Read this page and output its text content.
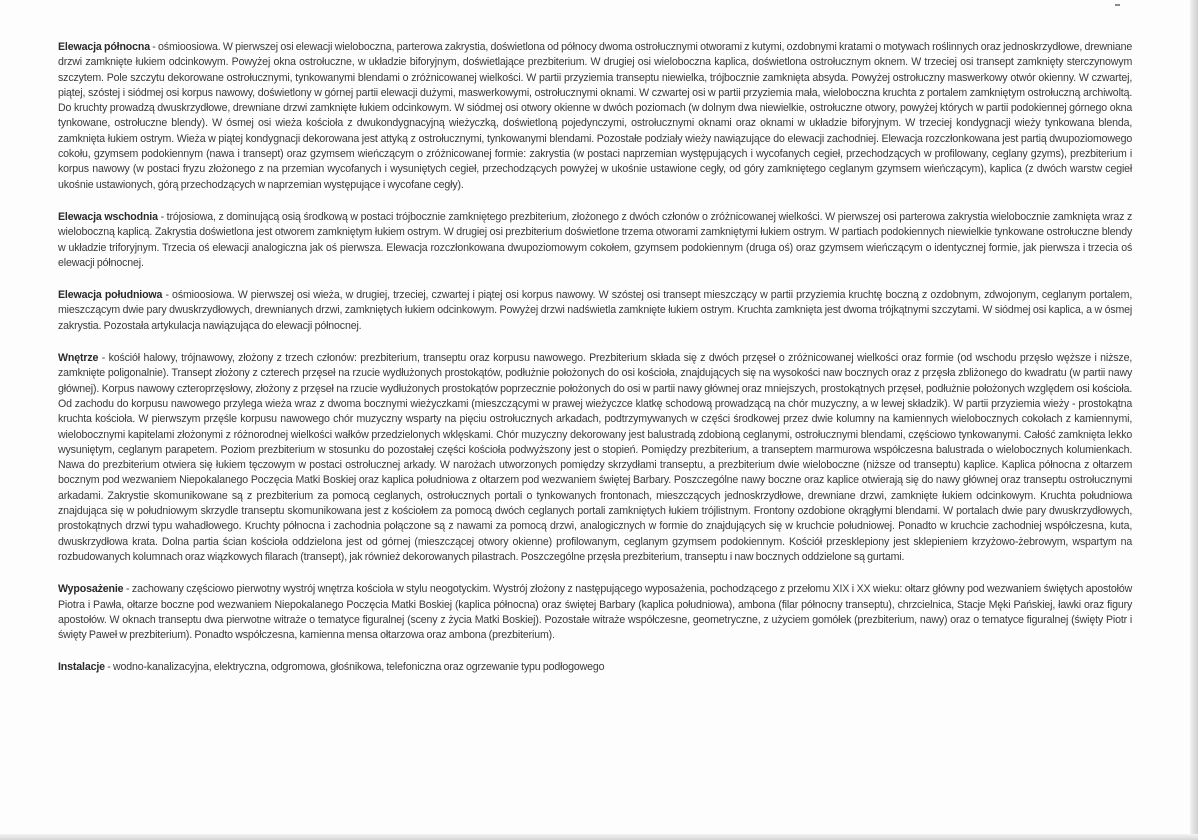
Elewacja północna - ośmioosiowa. W pierwszej osi elewacji wieloboczna, parterowa zakrystia, doświetlona od północy dwoma ostrołucznymi otworami z kutymi, ozdobnymi kratami o motywach roślinnych oraz jednoskrzydłowe, drewniane drzwi zamknięte łukiem odcinkowym. Powyżej okna ostrołuczne, w układzie biforyjnym, doświetlające prezbiterium. W drugiej osi wieloboczna kaplica, doświetlona ostrołucznym oknem. W trzeciej osi transept zamknięty sterczynowym szczytem. Pole szczytu dekorowane ostrołucznymi, tynkowanymi blendami o zróżnicowanej wielkości. W partii przyziemia transeptu niewielka, trójbocznie zamknięta absyda. Powyżej ostrołuczny maswerkowy otwór okienny. W czwartej, piątej, szóstej i siódmej osi korpus nawowy, doświetlony w górnej partii elewacji dużymi, maswerkowymi, ostrołucznymi oknami. W czwartej osi w partii przyziemia mała, wieloboczna kruchta z portalem zamkniętym ostrołuczną archiwoltą. Do kruchty prowadzą dwuskrzydłowe, drewniane drzwi zamknięte łukiem odcinkowym. W siódmej osi otwory okienne w dwóch poziomach (w dolnym dwa niewielkie, ostrołuczne otwory, powyżej których w partii podokiennej górnego okna tynkowane, ostrołuczne blendy). W ósmej osi wieża kościoła z dwukondygnacyjną wieżyczką, doświetloną pojedynczymi, ostrołucznymi oknami oraz oknami w układzie biforyjnym. W trzeciej kondygnacji wieży tynkowana blenda, zamknięta łukiem ostrym. Wieża w piątej kondygnacji dekorowana jest attyką z ostrołucznymi, tynkowanymi blendami. Pozostałe podziały wieży nawiązujące do elewacji zachodniej. Elewacja rozczłonkowana jest partią dwupoziomowego cokołu, gzymsem podokiennym (nawa i transept) oraz gzymsem wieńczącym o zróżnicowanej formie: zakrystia (w postaci naprzemian występujących i wycofanych cegieł, przechodzących w profilowany, ceglany gzyms), prezbiterium i korpus nawowy (w postaci fryzu złożonego z na przemian wycofanych i wysuniętych cegieł, przechodzących powyżej w ukośnie ustawione cegły, od góry zamkniętego ceglanym gzymsem wieńczącym), kaplica (z dwóch warstw cegieł ukośnie ustawionych, górą przechodzących w naprzemian występujące i wycofane cegły).

Elewacja wschodnia - trójosiowa, z dominującą osią środkową w postaci trójbocznie zamkniętego prezbiterium, złożonego z dwóch członów o zróżnicowanej wielkości. W pierwszej osi parterowa zakrystia wielobocznie zamknięta wraz z wieloboczną kaplicą. Zakrystia doświetlona jest otworem zamkniętym łukiem ostrym. W drugiej osi prezbiterium doświetlone trzema otworami zamkniętymi łukiem ostrym. W partiach podokiennych niewielkie tynkowane ostrołuczne blendy w układzie triforyjnym. Trzecia oś elewacji analogiczna jak oś pierwsza. Elewacja rozczłonkowana dwupoziomowym cokołem, gzymsem podokiennym (druga oś) oraz gzymsem wieńczącym o identycznej formie, jak pierwsza i trzecia oś elewacji północnej.

Elewacja południowa - ośmioosiowa. W pierwszej osi wieża, w drugiej, trzeciej, czwartej i piątej osi korpus nawowy. W szóstej osi transept mieszczący w partii przyziemia kruchtę boczną z ozdobnym, zdwojonym, ceglanym portalem, mieszczącym dwie pary dwuskrzydłowych, drewnianych drzwi, zamkniętych łukiem odcinkowym. Powyżej drzwi nadświetla zamknięte łukiem ostrym. Kruchta zamknięta jest dwoma trójkątnymi szczytami. W siódmej osi kaplica, a w ósmej zakrystia. Pozostała artykulacja nawiązująca do elewacji północnej.

Wnętrze - kościół halowy, trójnawowy, złożony z trzech członów: prezbiterium, transeptu oraz korpusu nawowego. Prezbiterium składa się z dwóch przęseł o zróżnicowanej wielkości oraz formie (od wschodu przęsło węższe i niższe, zamknięte poligonalnie). Transept złożony z czterech przęseł na rzucie wydłużonych prostokątów, podłużnie położonych do osi kościoła, znajdujących się na wysokości naw bocznych oraz z przęsła zbliżonego do kwadratu (w partii nawy głównej). Korpus nawowy czteroprzęsłowy, złożony z przęseł na rzucie wydłużonych prostokątów poprzecznie położonych do osi w partii nawy głównej oraz mniejszych, prostokątnych przęseł, podłużnie położonych względem osi kościoła. Od zachodu do korpusu nawowego przylega wieża wraz z dwoma bocznymi wieżyczkami (mieszczącymi w prawej wieżyczce klatkę schodową prowadzącą na chór muzyczny, a w lewej składzik). W partii przyziemia wieży - prostokątna kruchta kościoła. W pierwszym przęśle korpusu nawowego chór muzyczny wsparty na pięciu ostrołucznych arkadach, podtrzymywanych w części środkowej przez dwie kolumny na kamiennych wielobocznych cokołach z kamiennymi, wielobocznymi kapitelami złożonymi z różnorodnej wielkości wałków przedzielonych wklęskami. Chór muzyczny dekorowany jest balustradą zdobioną ceglanymi, ostrołucznymi blendami, częściowo tynkowanymi. Całość zamknięta lekko wysuniętym, ceglanym parapetem. Poziom prezbiterium w stosunku do pozostałej części kościoła podwyższony jest o stopień. Pomiędzy prezbiterium, a transeptem marmurowa współczesna balustrada o wielobocznych kolumienkach. Nawa do prezbiterium otwiera się łukiem tęczowym w postaci ostrołucznej arkady. W narożach utworzonych pomiędzy skrzydłami transeptu, a prezbiterium dwie wieloboczne (niższe od transeptu) kaplice. Kaplica północna z ołtarzem bocznym pod wezwaniem Niepokalanego Poczęcia Matki Boskiej oraz kaplica południowa z ołtarzem pod wezwaniem świętej Barbary. Poszczególne nawy boczne oraz kaplice otwierają się do nawy głównej oraz transeptu ostrołucznymi arkadami. Zakrystie skomunikowane są z prezbiterium za pomocą ceglanych, ostrołucznych portali o tynkowanych frontonach, mieszczących jednoskrzydłowe, drewniane drzwi, zamknięte łukiem odcinkowym. Kruchta południowa znajdująca się w południowym skrzydle transeptu skomunikowana jest z kościołem za pomocą dwóch ceglanych portali zamkniętych łukiem trójlistnym. Frontony ozdobione okrągłymi blendami. W portalach dwie pary dwuskrzydłowych, prostokątnych drzwi typu wahadłowego. Kruchty północna i zachodnia połączone są z nawami za pomocą drzwi, analogicznych w formie do znajdujących się w kruchcie południowej. Ponadto w kruchcie zachodniej współczesna, kuta, dwuskrzydłowa krata. Dolna partia ścian kościoła oddzielona jest od górnej (mieszczącej otwory okienne) profilowanym, ceglanym gzymsem podokiennym. Kościół przesklepiony jest sklepieniem krzyżowo-żebrowym, wspartym na rozbudowanych kolumnach oraz wiązkowych filarach (transept), jak również dekorowanych pilastrach. Poszczególne przęsła prezbiterium, transeptu i naw bocznych oddzielone są gurtami.

Wyposażenie - zachowany częściowo pierwotny wystrój wnętrza kościoła w stylu neogotyckim. Wystrój złożony z następującego wyposażenia, pochodzącego z przełomu XIX i XX wieku: ołtarz główny pod wezwaniem świętych apostołów Piotra i Pawła, ołtarze boczne pod wezwaniem Niepokalanego Poczęcia Matki Boskiej (kaplica północna) oraz świętej Barbary (kaplica południowa), ambona (filar północny transeptu), chrzcielnica, Stacje Męki Pańskiej, ławki oraz figury apostołów. W oknach transeptu dwa pierwotne witraże o tematyce figuralnej (sceny z życia Matki Boskiej). Pozostałe witraże współczesne, geometryczne, z użyciem gomółek (prezbiterium, nawy) oraz o tematyce figuralnej (święty Piotr i święty Paweł w prezbiterium). Ponadto współczesna, kamienna mensa ołtarzowa oraz ambona (prezbiterium).

Instalacje - wodno-kanalizacyjna, elektryczna, odgromowa, głośnikowa, telefoniczna oraz ogrzewanie typu podłogowego
